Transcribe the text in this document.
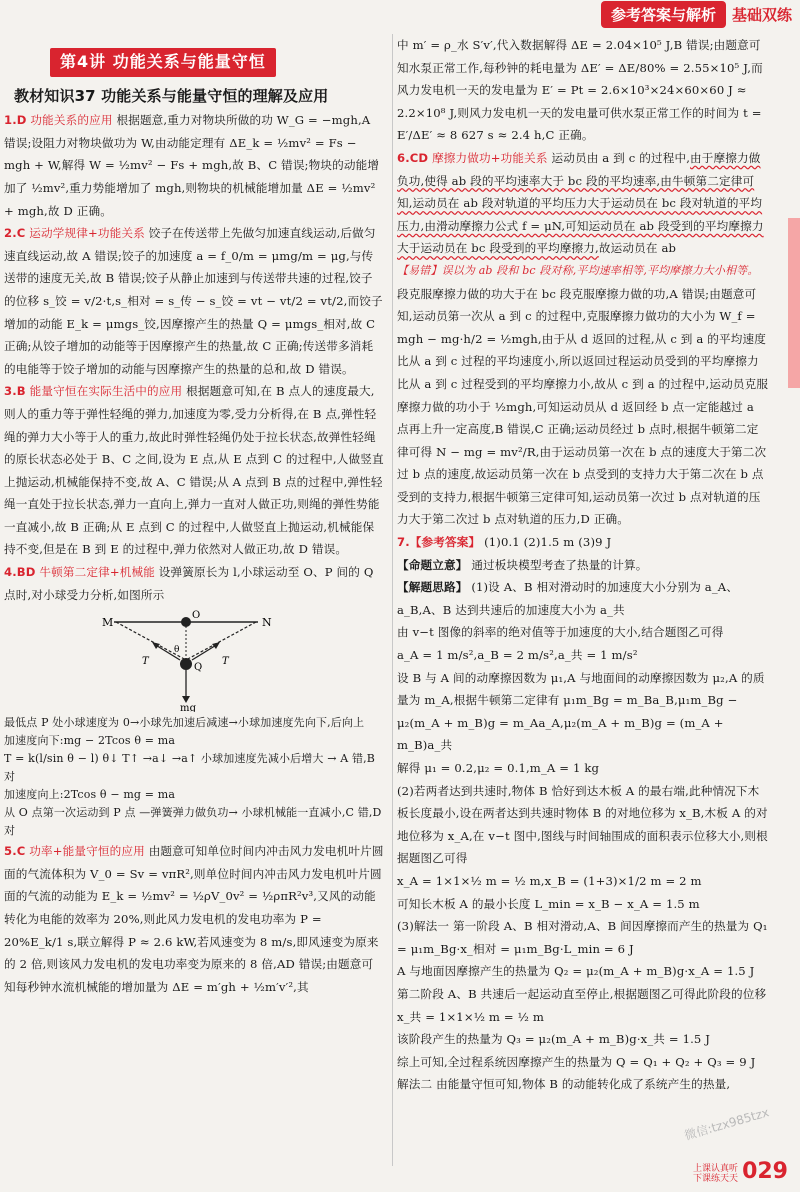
参考答案与解析	基础双练
第4讲 功能关系与能量守恒
教材知识37 功能关系与能量守恒的理解及应用

1.D 功能关系的应用 根据题意,重力对物块所做的功 W_G = −mgh,A 错误;设阻力对物块做功为 W,由动能定理有 ΔE_k = ½mv² = Fs − mgh + W,解得 W = ½mv² − Fs + mgh,故 B、C 错误;物块的动能增加了 ½mv²,重力势能增加了 mgh,则物块的机械能增加量 ΔE = ½mv² + mgh,故 D 正确。

2.C 运动学规律+功能关系 饺子在传送带上先做匀加速直线运动,后做匀速直线运动,故 A 错误;饺子的加速度 a = f_0/m = μmg/m = μg,与传送带的速度无关,故 B 错误;饺子从静止加速到与传送带共速的过程,饺子的位移 s_饺 = v/2·t,s_相对 = s_传 − s_饺 = vt − vt/2 = vt/2,而饺子增加的动能 E_k = μmgs_饺,因摩擦产生的热量 Q = μmgs_相对,故 C 正确;从饺子增加的动能等于因摩擦产生的热量,故 C 正确;传送带多消耗的电能等于饺子增加的动能与因摩擦产生的热量的总和,故 D 错误。

3.B 能量守恒在实际生活中的应用 根据题意可知,在 B 点人的速度最大,则人的重力等于弹性轻绳的弹力,加速度为零,受力分析得,在 B 点,弹性轻绳的弹力大小等于人的重力,故此时弹性轻绳仍处于拉长状态,故弹性轻绳的原长状态必处于 B、C 之间,设为 E 点,从 E 点到 C 的过程中,人做竖直上抛运动,机械能保持不变,故 A、C 错误;从 A 点到 B 点的过程中,弹性轻绳一直处于拉长状态,弹力一直向上,弹力一直对人做正功,则绳的弹性势能一直减小,故 B 正确;从 E 点到 C 的过程中,人做竖直上抛运动,机械能保持不变,但是在 B 到 E 的过程中,弹力依然对人做正功,故 D 错误。

4.BD 牛顿第二定律+机械能 设弹簧原长为 l,小球运动至 O、P 间的 Q 点时,对小球受力分析,如图所示

M	N
O
Q
T	T
θ
mg

最低点 P 处小球速度为 0→小球先加速后减速→小球加速度先向下,后向上

加速度向下:mg − 2Tcos θ = ma

T = k(l/sin θ − l) θ↓ T↑ →a↓ →a↑ 小球加速度先减小后增大 → A 错,B 对

加速度向上:2Tcos θ − mg = ma

从 O 点第一次运动到 P 点 —弹簧弹力做负功→ 小球机械能一直减小,C 错,D 对

5.C 功率+能量守恒的应用 由题意可知单位时间内冲击风力发电机叶片圆面的气流体积为 V_0 = Sv = vπR²,则单位时间内冲击风力发电机叶片圆面的气流的动能为 E_k = ½mv² = ½ρV_0v² = ½ρπR²v³,又风的动能转化为电能的效率为 20%,则此风力发电机的发电功率为 P = 20%E_k/1 s,联立解得 P ≈ 2.6 kW,若风速变为 8 m/s,即风速变为原来的 2 倍,则该风力发电机的发电功率变为原来的 8 倍,AD 错误;由题意可知每秒钟水流机械能的增加量为 ΔE = m′gh + ½m′v′²,其

中 m′ = ρ_水 S′v′,代入数据解得 ΔE = 2.04×10⁵ J,B 错误;由题意可知水泵正常工作,每秒钟的耗电量为 ΔE′ = ΔE/80% = 2.55×10⁵ J,而风力发电机一天的发电量为 E′ = Pt = 2.6×10³×24×60×60 J ≈ 2.2×10⁸ J,则风力发电机一天的发电量可供水泵正常工作的时间为 t = E′/ΔE′ ≈ 8 627 s ≈ 2.4 h,C 正确。

6.CD 摩擦力做功+功能关系 运动员由 a 到 c 的过程中,由于摩擦力做负功,使得 ab 段的平均速率大于 bc 段的平均速率,由牛顿第二定律可知,运动员在 ab 段对轨道的平均压力大于运动员在 bc 段对轨道的平均压力,由滑动摩擦力公式 f = μN,可知运动员在 ab 段受到的平均摩擦力大于运动员在 bc 段受到的平均摩擦力,故运动员在 ab

【易错】误以为 ab 段和 bc 段对称,平均速率相等,平均摩擦力大小相等。

段克服摩擦力做的功大于在 bc 段克服摩擦力做的功,A 错误;由题意可知,运动员第一次从 a 到 c 的过程中,克服摩擦力做功的大小为 W_f = mgh − mg·h/2 = ½mgh,由于从 d 返回的过程,从 c 到 a 的平均速度比从 a 到 c 过程的平均速度小,所以返回过程运动员受到的平均摩擦力比从 a 到 c 过程受到的平均摩擦力小,故从 c 到 a 的过程中,运动员克服摩擦力做的功小于 ½mgh,可知运动员从 d 返回经 b 点一定能越过 a 点再上升一定高度,B 错误,C 正确;运动员经过 b 点时,根据牛顿第二定律可得 N − mg = mv²/R,由于运动员第一次在 b 点的速度大于第二次过 b 点的速度,故运动员第一次在 b 点受到的支持力大于第二次在 b 点受到的支持力,根据牛顿第三定律可知,运动员第一次过 b 点对轨道的压力大于第二次过 b 点对轨道的压力,D 正确。

7.【参考答案】 (1)0.1 (2)1.5 m (3)9 J

【命题立意】 通过板块模型考查了热量的计算。

【解题思路】 (1)设 A、B 相对滑动时的加速度大小分别为 a_A、a_B,A、B 达到共速后的加速度大小为 a_共

由 v−t 图像的斜率的绝对值等于加速度的大小,结合题图乙可得

a_A = 1 m/s²,a_B = 2 m/s²,a_共 = 1 m/s²

设 B 与 A 间的动摩擦因数为 μ₁,A 与地面间的动摩擦因数为 μ₂,A 的质量为 m_A,根据牛顿第二定律有 μ₁m_Bg = m_Ba_B,μ₁m_Bg − μ₂(m_A + m_B)g = m_Aa_A,μ₂(m_A + m_B)g = (m_A + m_B)a_共

解得 μ₁ = 0.2,μ₂ = 0.1,m_A = 1 kg

(2)若两者达到共速时,物体 B 恰好到达木板 A 的最右端,此种情况下木板长度最小,设在两者达到共速时物体 B 的对地位移为 x_B,木板 A 的对地位移为 x_A,在 v−t 图中,图线与时间轴围成的面积表示位移大小,则根据题图乙可得

x_A = 1×1×½ m = ½ m,x_B = (1+3)×1/2 m = 2 m

可知长木板 A 的最小长度 L_min = x_B − x_A = 1.5 m

(3)解法一 第一阶段 A、B 相对滑动,A、B 间因摩擦而产生的热量为 Q₁ = μ₁m_Bg·x_相对 = μ₁m_Bg·L_min = 6 J

A 与地面因摩擦产生的热量为 Q₂ = μ₂(m_A + m_B)g·x_A = 1.5 J

第二阶段 A、B 共速后一起运动直至停止,根据题图乙可得此阶段的位移 x_共 = 1×1×½ m = ½ m

该阶段产生的热量为 Q₃ = μ₂(m_A + m_B)g·x_共 = 1.5 J

综上可知,全过程系统因摩擦产生的热量为 Q = Q₁ + Q₂ + Q₃ = 9 J

解法二 由能量守恒可知,物体 B 的动能转化成了系统产生的热量,

微信:tzx985tzx
上课认真听
下课练天天 029
